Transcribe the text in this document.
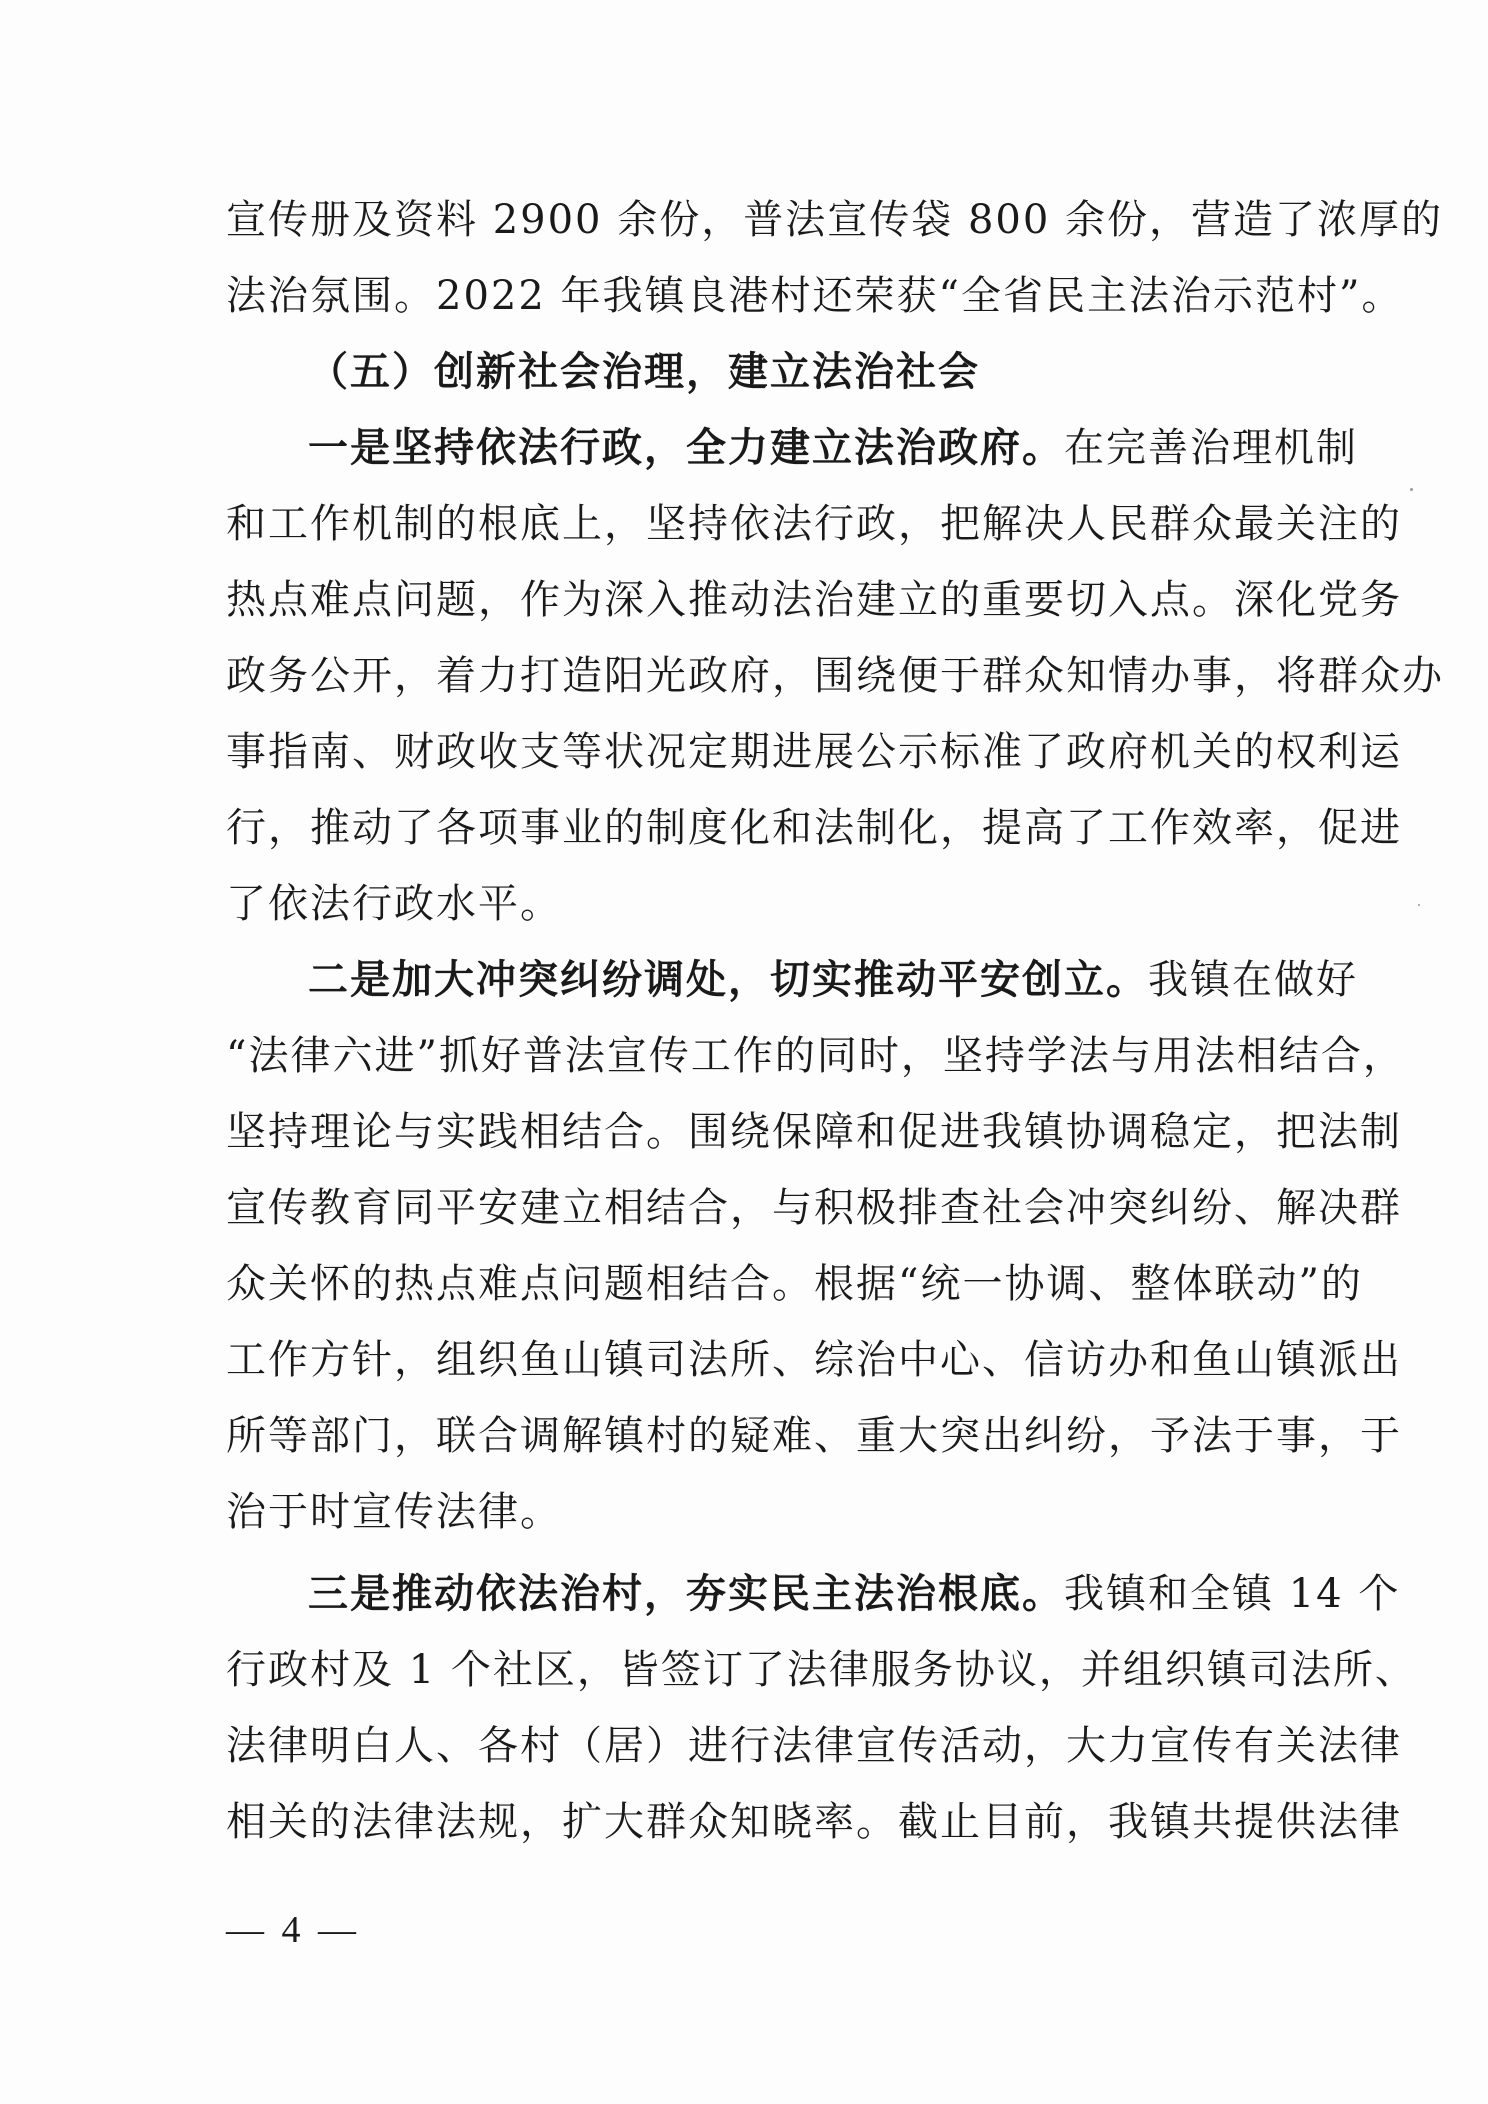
宣传册及资料 2900 余份，普法宣传袋 800 余份，营造了浓厚的
法治氛围。2022 年我镇良港村还荣获“全省民主法治示范村”。
（五）创新社会治理，建立法治社会
一是坚持依法行政，全力建立法治政府。在完善治理机制
和工作机制的根底上，坚持依法行政，把解决人民群众最关注的
热点难点问题，作为深入推动法治建立的重要切入点。深化党务
政务公开，着力打造阳光政府，围绕便于群众知情办事，将群众办
事指南、财政收支等状况定期进展公示标准了政府机关的权利运
行，推动了各项事业的制度化和法制化，提高了工作效率，促进
了依法行政水平。
二是加大冲突纠纷调处，切实推动平安创立。我镇在做好
“法律六进”抓好普法宣传工作的同时，坚持学法与用法相结合，
坚持理论与实践相结合。围绕保障和促进我镇协调稳定，把法制
宣传教育同平安建立相结合，与积极排查社会冲突纠纷、解决群
众关怀的热点难点问题相结合。根据“统一协调、整体联动”的
工作方针，组织鱼山镇司法所、综治中心、信访办和鱼山镇派出
所等部门，联合调解镇村的疑难、重大突出纠纷，予法于事，于
治于时宣传法律。
三是推动依法治村，夯实民主法治根底。我镇和全镇 14 个
行政村及 1 个社区，皆签订了法律服务协议，并组织镇司法所、
法律明白人、各村（居）进行法律宣传活动，大力宣传有关法律
相关的法律法规，扩大群众知晓率。截止目前，我镇共提供法律
— 4 —
